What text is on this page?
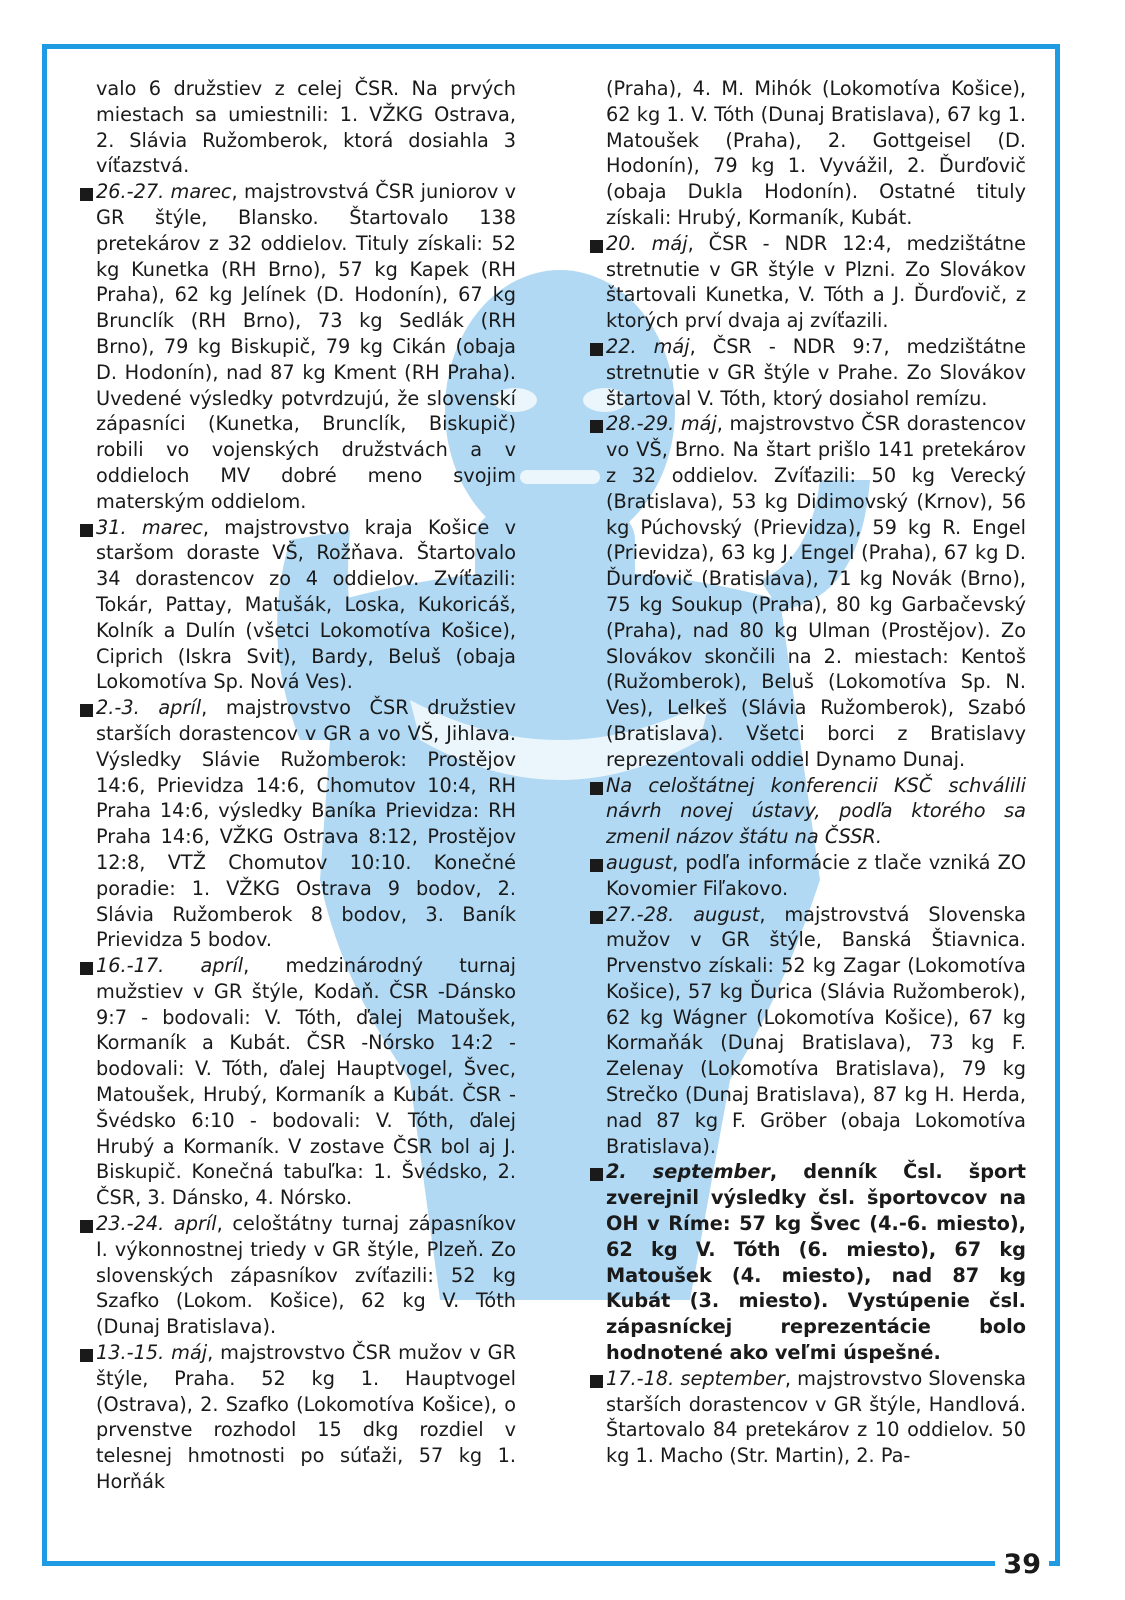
valo 6 družstiev z celej ČSR. Na prvých miestach sa umiestnili: 1. VŽKG Ostrava, 2. Slávia Ružomberok, ktorá dosiahla 3 víťazstvá.

26.-27. marec, majstrovstvá ČSR juniorov v GR štýle, Blansko. Štartovalo 138 pretekárov z 32 oddielov. Tituly získali: 52 kg Kunetka (RH Brno), 57 kg Kapek (RH Praha), 62 kg Jelínek (D. Hodonín), 67 kg Brunclík (RH Brno), 73 kg Sedlák (RH Brno), 79 kg Biskupič, 79 kg Cikán (obaja D. Hodonín), nad 87 kg Kment (RH Praha). Uvedené výsledky potvrdzujú, že slovenskí zápasníci (Kunetka, Brunclík, Biskupič) robili vo vojenských družstvách a v oddieloch MV dobré meno svojim materským oddielom.

31. marec, majstrovstvo kraja Košice v staršom doraste VŠ, Rožňava. Štartovalo 34 dorastencov zo 4 oddielov. Zvíťazili: Tokár, Pattay, Matušák, Loska, Kukoricáš, Kolník a Dulín (všetci Lokomotíva Košice), Ciprich (Iskra Svit), Bardy, Beluš (obaja Lokomotíva Sp. Nová Ves).

2.-3. apríl, majstrovstvo ČSR družstiev starších dorastencov v GR a vo VŠ, Jihlava. Výsledky Slávie Ružomberok: Prostějov 14:6, Prievidza 14:6, Chomutov 10:4, RH Praha 14:6, výsledky Baníka Prievidza: RH Praha 14:6, VŽKG Ostrava 8:12, Prostějov 12:8, VTŽ Chomutov 10:10. Konečné poradie: 1. VŽKG Ostrava 9 bodov, 2. Slávia Ružomberok 8 bodov, 3. Baník Prievidza 5 bodov.

16.-17. apríl, medzinárodný turnaj mužstiev v GR štýle, Kodaň. ČSR -Dánsko 9:7 - bodovali: V. Tóth, ďalej Matoušek, Kormaník a Kubát. ČSR -Nórsko 14:2 - bodovali: V. Tóth, ďalej Hauptvogel, Švec, Matoušek, Hrubý, Kormaník a Kubát. ČSR - Švédsko 6:10 - bodovali: V. Tóth, ďalej Hrubý a Kormaník. V zostave ČSR bol aj J. Biskupič. Konečná tabuľka: 1. Švédsko, 2. ČSR, 3. Dánsko, 4. Nórsko.

23.-24. apríl, celoštátny turnaj zápasníkov I. výkonnostnej triedy v GR štýle, Plzeň. Zo slovenských zápasníkov zvíťazili: 52 kg Szafko (Lokom. Košice), 62 kg V. Tóth (Dunaj Bratislava).

13.-15. máj, majstrovstvo ČSR mužov v GR štýle, Praha. 52 kg 1. Hauptvogel (Ostrava), 2. Szafko (Lokomotíva Košice), o prvenstve rozhodol 15 dkg rozdiel v telesnej hmotnosti po súťaži, 57 kg 1. Horňák

(Praha), 4. M. Mihók (Lokomotíva Košice), 62 kg 1. V. Tóth (Dunaj Bratislava), 67 kg 1. Matoušek (Praha), 2. Gottgeisel (D. Hodonín), 79 kg 1. Vyvážil, 2. Ďurďovič (obaja Dukla Hodonín). Ostatné tituly získali: Hrubý, Kormaník, Kubát.

20. máj, ČSR - NDR 12:4, medzištátne stretnutie v GR štýle v Plzni. Zo Slovákov štartovali Kunetka, V. Tóth a J. Ďurďovič, z ktorých prví dvaja aj zvíťazili.

22. máj, ČSR - NDR 9:7, medzištátne stretnutie v GR štýle v Prahe. Zo Slovákov štartoval V. Tóth, ktorý dosiahol remízu.

28.-29. máj, majstrovstvo ČSR dorastencov vo VŠ, Brno. Na štart prišlo 141 pretekárov z 32 oddielov. Zvíťazili: 50 kg Verecký (Bratislava), 53 kg Didimovský (Krnov), 56 kg Púchovský (Prievidza), 59 kg R. Engel (Prievidza), 63 kg J. Engel (Praha), 67 kg D. Ďurďovič (Bratislava), 71 kg Novák (Brno), 75 kg Soukup (Praha), 80 kg Garbačevský (Praha), nad 80 kg Ulman (Prostějov). Zo Slovákov skončili na 2. miestach: Kentoš (Ružomberok), Beluš (Lokomotíva Sp. N. Ves), Lelkeš (Slávia Ružomberok), Szabó (Bratislava). Všetci borci z Bratislavy reprezentovali oddiel Dynamo Dunaj.

Na celoštátnej konferencii KSČ schválili návrh novej ústavy, podľa ktorého sa zmenil názov štátu na ČSSR.

august, podľa informácie z tlače vzniká ZO Kovomier Fiľakovo.

27.-28. august, majstrovstvá Slovenska mužov v GR štýle, Banská Štiavnica. Prvenstvo získali: 52 kg Zagar (Lokomotíva Košice), 57 kg Ďurica (Slávia Ružomberok), 62 kg Wágner (Lokomotíva Košice), 67 kg Kormaňák (Dunaj Bratislava), 73 kg F. Zelenay (Lokomotíva Bratislava), 79 kg Strečko (Dunaj Bratislava), 87 kg H. Herda, nad 87 kg F. Gröber (obaja Lokomotíva Bratislava).

2. september, denník Čsl. šport zverejnil výsledky čsl. športovcov na OH v Ríme: 57 kg Švec (4.-6. miesto), 62 kg V. Tóth (6. miesto), 67 kg Matoušek (4. miesto), nad 87 kg Kubát (3. miesto). Vystúpenie čsl. zápasníckej reprezentácie bolo hodnotené ako veľmi úspešné.

17.-18. september, majstrovstvo Slovenska starších dorastencov v GR štýle, Handlová. Štartovalo 84 pretekárov z 10 oddielov. 50 kg 1. Macho (Str. Martin), 2. Pa-

39
